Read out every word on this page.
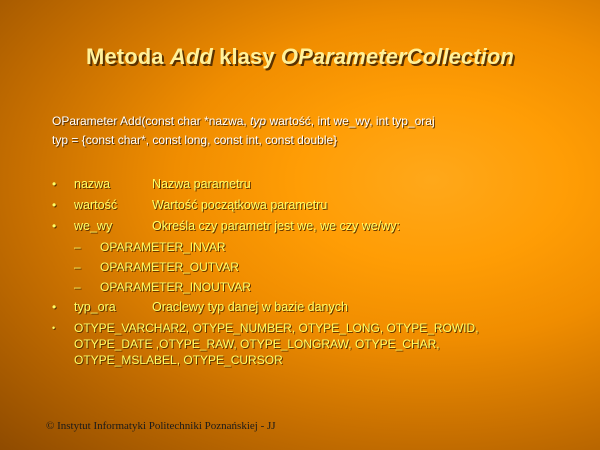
Metoda Add klasy OParameterCollection
OParameter Add(const char *nazwa, typ wartość, int we_wy, int typ_oraj
typ = {const char*, const long, const int, const double}
• nazwa	Nazwa parametru
• wartość	Wartość początkowa parametru
• we_wy	Określa czy parametr jest we, we czy we/wy:
– OPARAMETER_INVAR
– OPARAMETER_OUTVAR
– OPARAMETER_INOUTVAR
• typ_ora	Oraclewy typ danej w bazie danych
• OTYPE_VARCHAR2, OTYPE_NUMBER, OTYPE_LONG, OTYPE_ROWID, OTYPE_DATE ,OTYPE_RAW, OTYPE_LONGRAW, OTYPE_CHAR, OTYPE_MSLABEL, OTYPE_CURSOR
© Instytut Informatyki Politechniki Poznańskiej - JJ
